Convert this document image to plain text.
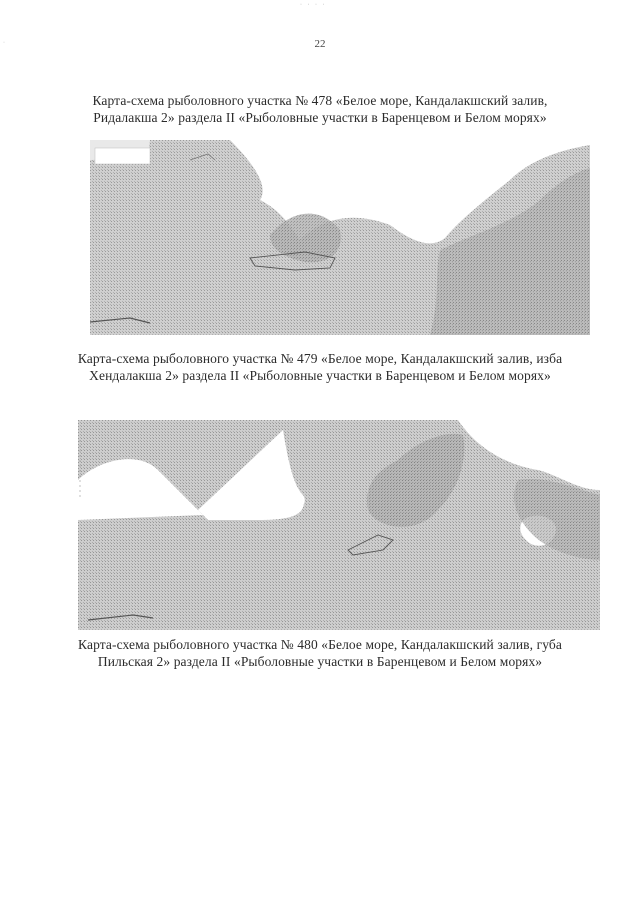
· · · ·
·	22
Карта-схема рыболовного участка № 478 «Белое море, Кандалакшский залив, Ридалакша 2» раздела II «Рыболовные участки в Баренцевом и Белом морях»
Карта-схема рыболовного участка № 479 «Белое море, Кандалакшский залив, изба Хендалакша 2» раздела II «Рыболовные участки в Баренцевом и Белом морях»
Карта-схема рыболовного участка № 480 «Белое море, Кандалакшский залив, губа Пильская 2» раздела II «Рыболовные участки в Баренцевом и Белом морях»
